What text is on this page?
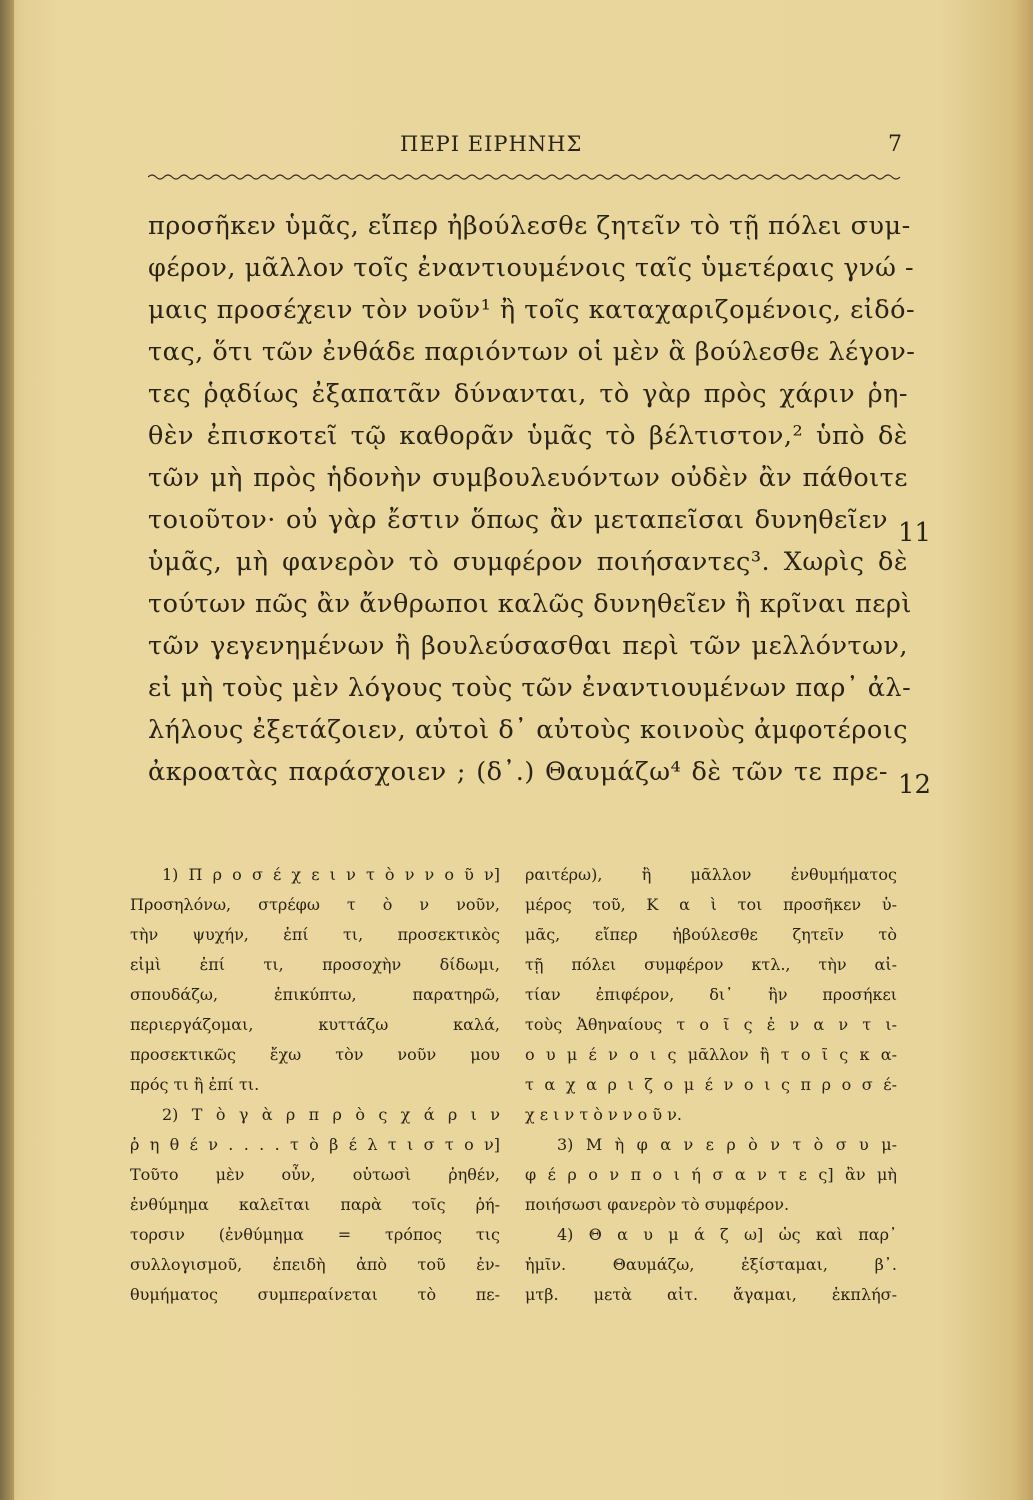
ΠΕΡΙ ΕΙΡΗΝΗΣ	7
προσῆκεν ὑμᾶς, εἴπερ ἠβούλεσθε ζητεῖν τὸ τῇ πόλει συμ-
φέρον, μᾶλλον τοῖς ἐναντιουμένοις ταῖς ὑμετέραις γνώ -
μαις προσέχειν τὸν νοῦν¹ ἢ τοῖς καταχαριζομένοις, εἰδό-
τας, ὅτι τῶν ἐνθάδε παριόντων οἱ μὲν ἃ βούλεσθε λέγον-
τες ῥᾳδίως ἐξαπατᾶν δύνανται, τὸ γὰρ πρὸς χάριν ῥη-
θὲν ἐπισκοτεῖ τῷ καθορᾶν ὑμᾶς τὸ βέλτιστον,² ὑπὸ δὲ
τῶν μὴ πρὸς ἡδονὴν συμβουλευόντων οὐδὲν ἂν πάθοιτε
τοιοῦτον· οὐ γὰρ ἔστιν ὅπως ἂν μεταπεῖσαι δυνηθεῖεν
ὑμᾶς, μὴ φανερὸν τὸ συμφέρον ποιήσαντες³. Χωρὶς δὲ
τούτων πῶς ἂν ἄνθρωποι καλῶς δυνηθεῖεν ἢ κρῖναι περὶ
τῶν γεγενημένων ἢ βουλεύσασθαι περὶ τῶν μελλόντων,
εἰ μὴ τοὺς μὲν λόγους τοὺς τῶν ἐναντιουμένων παρ᾽ ἀλ-
λήλους ἐξετάζοιεν, αὐτοὶ δ᾽ αὐτοὺς κοινοὺς ἀμφοτέροις
ἀκροατὰς παράσχοιεν ; (δ᾽.) Θαυμάζω⁴ δὲ τῶν τε πρε-
11
12
1) Π ρ ο σ έ χ ε ι ν τ ὸ ν ν ο ῦ ν]
Προσηλόνω, στρέφω τ ὸ ν νοῦν,
τὴν ψυχήν, ἐπί τι, προσεκτικὸς
εἰμὶ ἐπί τι, προσοχὴν δίδωμι,
σπουδάζω, ἐπικύπτω, παρατηρῶ,
περιεργάζομαι, κυττάζω καλά,
προσεκτικῶς ἔχω τὸν νοῦν μου
πρός τι ἢ ἐπί τι.
2) Τ ὸ γ ὰ ρ π ρ ὸ ς χ ά ρ ι ν
ῥ η θ έ ν . . . . τ ὸ β έ λ τ ι σ τ ο ν]
Τοῦτο μὲν οὖν, οὑτωσὶ ῥηθέν,
ἐνθύμημα καλεῖται παρὰ τοῖς ῥή-
τορσιν (ἐνθύμημα = τρόπος τις
συλλογισμοῦ, ἐπειδὴ ἀπὸ τοῦ ἐν-
θυμήματος συμπεραίνεται τὸ πε-
ραιτέρω), ἢ μᾶλλον ἐνθυμήματος
μέρος τοῦ, Κ α ὶ τοι προσῆκεν ὑ-
μᾶς, εἴπερ ἠβούλεσθε ζητεῖν τὸ
τῇ πόλει συμφέρον κτλ., τὴν αἰ-
τίαν ἐπιφέρον, δι᾽ ἣν προσήκει
τοὺς Ἀθηναίους τ ο ῖ ς ἐ ν α ν τ ι-
ο υ μ έ ν ο ι ς μᾶλλον ἢ τ ο ῖ ς κ α-
τ α χ α ρ ι ζ ο μ έ ν ο ι ς π ρ ο σ έ-
χ ε ι ν τ ὸ ν ν ο ῦ ν.
3) Μ ὴ φ α ν ε ρ ὸ ν τ ὸ σ υ μ-
φ έ ρ ο ν π ο ι ή σ α ν τ ε ς] ἂν μὴ
ποιήσωσι φανερὸν τὸ συμφέρον.
4) Θ α υ μ ά ζ ω] ὡς καὶ παρ᾽
ἡμῖν. Θαυμάζω, ἐξίσταμαι, β᾽.
μτβ. μετὰ αἰτ. ἄγαμαι, ἐκπλήσ-
